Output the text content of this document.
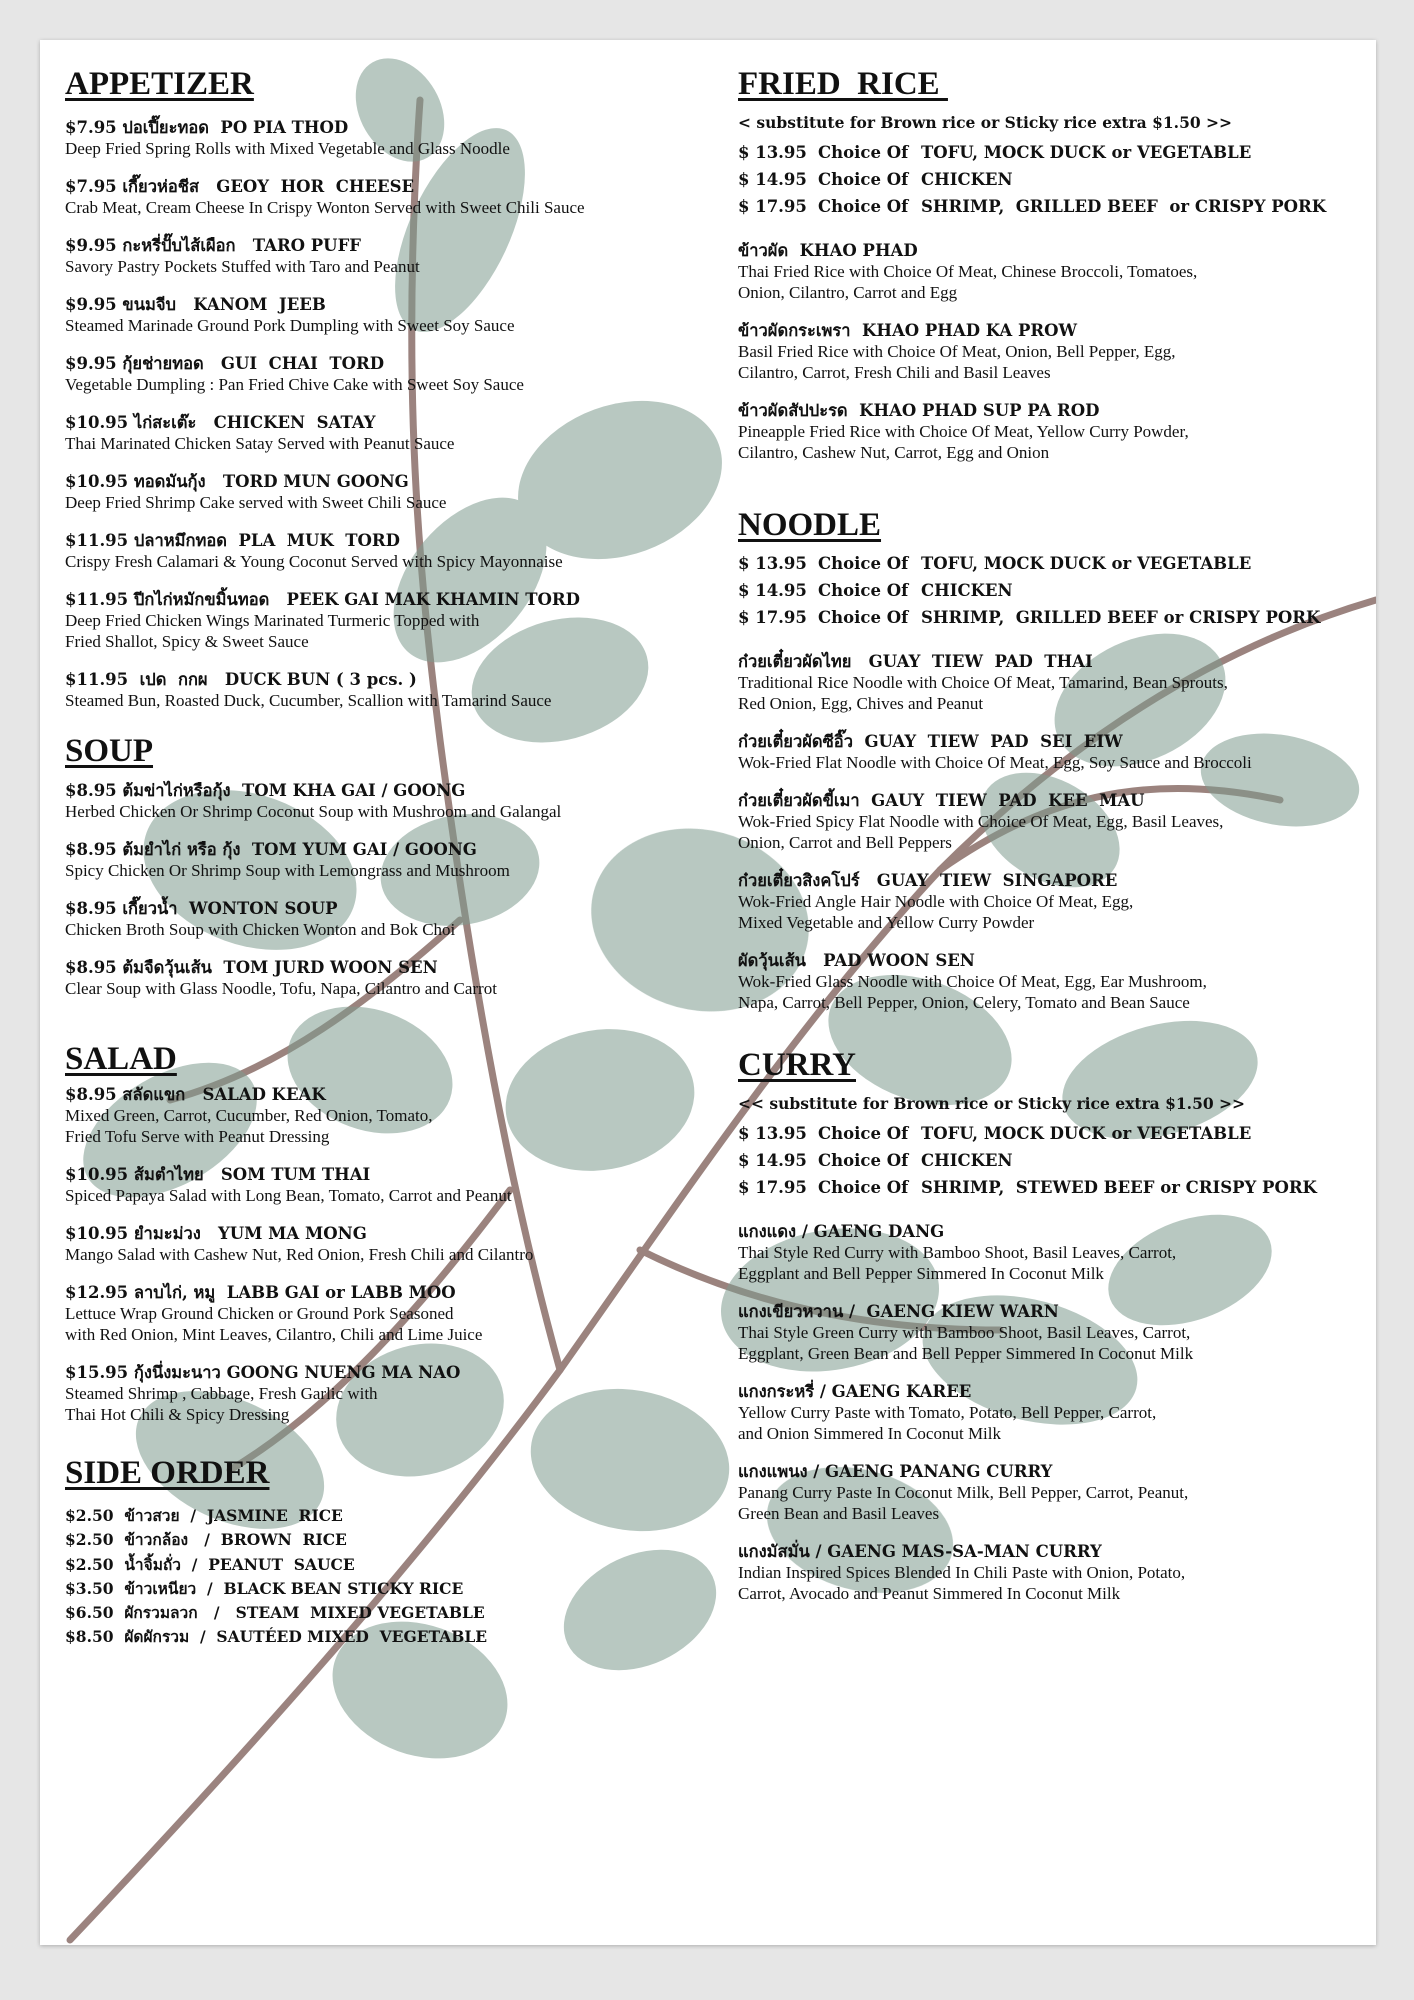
APPETIZER
$7.95 ปอเปี๊ยะทอด  PO PIA THOD
Deep Fried Spring Rolls with Mixed Vegetable and Glass Noodle
$7.95 เกี๊ยวห่อชีส   GEOY  HOR  CHEESE
Crab Meat, Cream Cheese In Crispy Wonton Served with Sweet Chili Sauce
$9.95 กะหรี่ปั๊บไส้เผือก   TARO PUFF
Savory Pastry Pockets Stuffed with Taro and Peanut
$9.95 ขนมจีบ   KANOM  JEEB
Steamed Marinade Ground Pork Dumpling with Sweet Soy Sauce
$9.95 กุ้ยช่ายทอด   GUI  CHAI  TORD
Vegetable Dumpling : Pan Fried Chive Cake with Sweet Soy Sauce
$10.95 ไก่สะเต๊ะ   CHICKEN  SATAY
Thai Marinated Chicken Satay Served with Peanut Sauce
$10.95 ทอดมันกุ้ง   TORD MUN GOONG
Deep Fried Shrimp Cake served with Sweet Chili Sauce
$11.95 ปลาหมึกทอด  PLA  MUK  TORD
Crispy Fresh Calamari & Young Coconut Served with Spicy Mayonnaise
$11.95 ปีกไก่หมักขมิ้นทอด   PEEK GAI MAK KHAMIN TORD
Deep Fried Chicken Wings Marinated Turmeric Topped with
Fried Shallot, Spicy & Sweet Sauce
$11.95  เปด  กกผ   DUCK BUN ( 3 pcs. )
Steamed Bun, Roasted Duck, Cucumber, Scallion with Tamarind Sauce
SOUP
$8.95 ต้มข่าไก่หรือกุ้ง  TOM KHA GAI / GOONG
Herbed Chicken Or Shrimp Coconut Soup with Mushroom and Galangal
$8.95 ต้มยำไก่ หรือ กุ้ง  TOM YUM GAI / GOONG
Spicy Chicken Or Shrimp Soup with Lemongrass and Mushroom
$8.95 เกี๊ยวน้ำ  WONTON SOUP
Chicken Broth Soup with Chicken Wonton and Bok Choi
$8.95 ต้มจืดวุ้นเส้น  TOM JURD WOON SEN
Clear Soup with Glass Noodle, Tofu, Napa, Cilantro and Carrot
SALAD
$8.95 สลัดแขก   SALAD KEAK
Mixed Green, Carrot, Cucumber, Red Onion, Tomato,
Fried Tofu Serve with Peanut Dressing
$10.95 ส้มตำไทย   SOM TUM THAI
Spiced Papaya Salad with Long Bean, Tomato, Carrot and Peanut
$10.95 ยำมะม่วง   YUM MA MONG
Mango Salad with Cashew Nut, Red Onion, Fresh Chili and Cilantro
$12.95 ลาบไก่, หมู  LABB GAI or LABB MOO
Lettuce Wrap Ground Chicken or Ground Pork Seasoned
with Red Onion, Mint Leaves, Cilantro, Chili and Lime Juice
$15.95 กุ้งนึ่งมะนาว GOONG NUENG MA NAO
Steamed Shrimp , Cabbage, Fresh Garlic with
Thai Hot Chili & Spicy Dressing
SIDE ORDER
$2.50  ข้าวสวย  /  JASMINE  RICE
$2.50  ข้าวกล้อง   /  BROWN  RICE
$2.50  น้ำจิ้มถั่ว  /  PEANUT  SAUCE
$3.50  ข้าวเหนียว  /  BLACK BEAN STICKY RICE
$6.50  ผักรวมลวก   /   STEAM  MIXED VEGETABLE
$8.50  ผัดผักรวม  /  SAUTÉED MIXED  VEGETABLE
FRIED  RICE
< substitute for Brown rice or Sticky rice extra $1.50 >>
$ 13.95 Choice Of TOFU, MOCK DUCK or VEGETABLE
$ 14.95 Choice Of CHICKEN
$ 17.95 Choice Of SHRIMP,  GRILLED BEEF  or CRISPY PORK
ข้าวผัด  KHAO PHAD
Thai Fried Rice with Choice Of Meat, Chinese Broccoli, Tomatoes,
Onion, Cilantro, Carrot and Egg
ข้าวผัดกระเพรา  KHAO PHAD KA PROW
Basil Fried Rice with Choice Of Meat, Onion, Bell Pepper, Egg,
Cilantro, Carrot, Fresh Chili and Basil Leaves
ข้าวผัดสัปปะรด  KHAO PHAD SUP PA ROD
Pineapple Fried Rice with Choice Of Meat, Yellow Curry Powder,
Cilantro, Cashew Nut, Carrot, Egg and Onion
NOODLE
$ 13.95 Choice Of TOFU, MOCK DUCK or VEGETABLE
$ 14.95 Choice Of CHICKEN
$ 17.95 Choice Of SHRIMP,  GRILLED BEEF or CRISPY PORK
ก๋วยเตี๋ยวผัดไทย   GUAY  TIEW  PAD  THAI
Traditional Rice Noodle with Choice Of Meat, Tamarind, Bean Sprouts,
Red Onion, Egg, Chives and Peanut
ก๋วยเตี๋ยวผัดซีอิ๊ว  GUAY  TIEW  PAD  SEI  EIW
Wok-Fried Flat Noodle with Choice Of Meat, Egg, Soy Sauce and Broccoli
ก๋วยเตี๋ยวผัดขี้เมา  GAUY  TIEW  PAD  KEE  MAU
Wok-Fried Spicy Flat Noodle with Choice Of Meat, Egg, Basil Leaves,
Onion, Carrot and Bell Peppers
ก๋วยเตี๋ยวสิงคโปร์   GUAY  TIEW  SINGAPORE
Wok-Fried Angle Hair Noodle with Choice Of Meat, Egg,
Mixed Vegetable and Yellow Curry Powder
ผัดวุ้นเส้น   PAD WOON SEN
Wok-Fried Glass Noodle with Choice Of Meat, Egg, Ear Mushroom,
Napa, Carrot, Bell Pepper, Onion, Celery, Tomato and Bean Sauce
CURRY
<< substitute for Brown rice or Sticky rice extra $1.50 >>
$ 13.95 Choice Of TOFU, MOCK DUCK or VEGETABLE
$ 14.95 Choice Of CHICKEN
$ 17.95 Choice Of SHRIMP,  STEWED BEEF or CRISPY PORK
แกงแดง / GAENG DANG
Thai Style Red Curry with Bamboo Shoot, Basil Leaves, Carrot,
Eggplant and Bell Pepper Simmered In Coconut Milk
แกงเขียวหวาน /  GAENG KIEW WARN
Thai Style Green Curry with Bamboo Shoot, Basil Leaves, Carrot,
Eggplant, Green Bean and Bell Pepper Simmered In Coconut Milk
แกงกระหรี่ / GAENG KAREE
Yellow Curry Paste with Tomato, Potato, Bell Pepper, Carrot,
and Onion Simmered In Coconut Milk
แกงแพนง / GAENG PANANG CURRY
Panang Curry Paste In Coconut Milk, Bell Pepper, Carrot, Peanut,
Green Bean and Basil Leaves
แกงมัสมั่น / GAENG MAS-SA-MAN CURRY
Indian Inspired Spices Blended In Chili Paste with Onion, Potato,
Carrot, Avocado and Peanut Simmered In Coconut Milk
